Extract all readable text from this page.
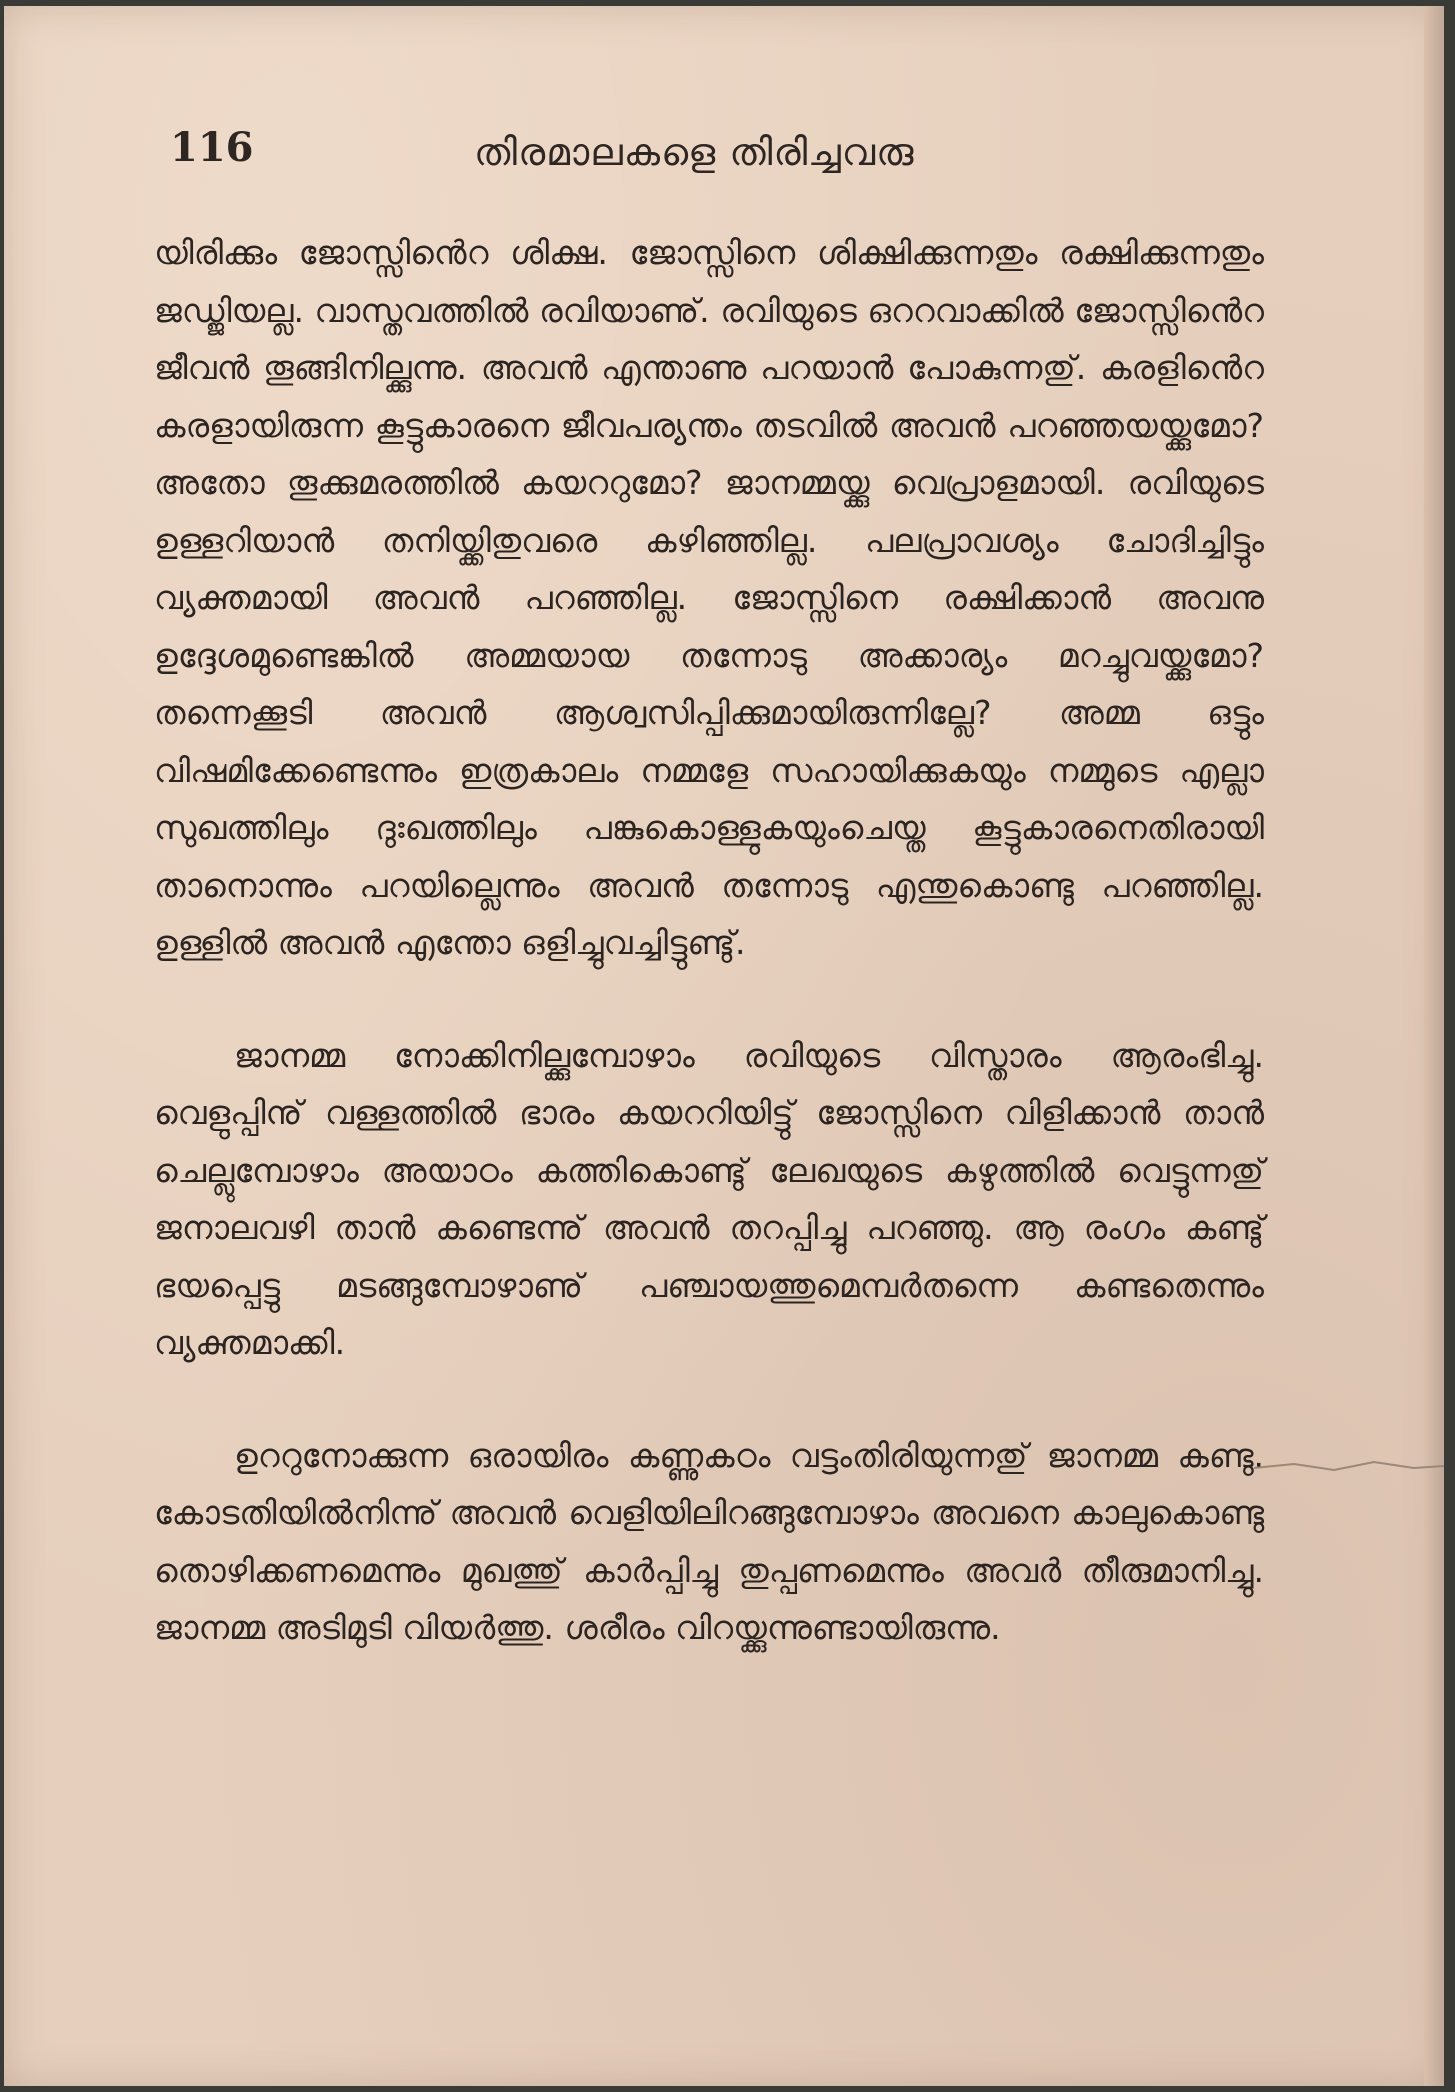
116	തിരമാലകളെ തിരിച്ചവരു

യിരിക്കും ജോസ്സിൻെറ ശിക്ഷ. ജോസ്സിനെ ശിക്ഷിക്കുന്നതും രക്ഷിക്കുന്നതും ജഡ്ജിയല്ല. വാസ്തവത്തിൽ രവിയാണു്. രവിയുടെ ഒററവാക്കിൽ ജോസ്സിൻെറ ജീവൻ തൂങ്ങിനില്ക്കുന്നു. അവൻ എന്താണു പറയാൻ പോകുന്നതു്. കരളിൻെറ കരളായിരുന്ന കൂട്ടുകാരനെ ജീവപര്യന്തം തടവിൽ അവൻ പറഞ്ഞയയ്ക്കുമോ? അതോ തൂക്കുമരത്തിൽ കയററുമോ? ജാനമ്മയ്ക്കു വെപ്രാളമായി. രവിയുടെ ഉള്ളറിയാൻ തനിയ്ക്കിതുവരെ കഴിഞ്ഞില്ല. പലപ്രാവശ്യം ചോദിച്ചിട്ടും വ്യക്തമായി അവൻ പറഞ്ഞില്ല. ജോസ്സിനെ രക്ഷിക്കാൻ അവനു ഉദ്ദേശമുണ്ടെങ്കിൽ അമ്മയായ തന്നോടു അക്കാര്യം മറച്ചുവയ്ക്കുമോ? തന്നെക്കൂടി അവൻ ആശ്വസിപ്പിക്കുമായിരുന്നില്ലേ? അമ്മ ഒട്ടും വിഷമിക്കേണ്ടെന്നും ഇത്രകാലം നമ്മളേ സഹായിക്കുകയും നമ്മുടെ എല്ലാ സുഖത്തിലും ദുഃഖത്തിലും പങ്കുകൊള്ളുകയുംചെയ്ത കൂട്ടുകാരനെതിരായി താനൊന്നും പറയില്ലെന്നും അവൻ തന്നോടു എന്തുകൊണ്ടു പറഞ്ഞില്ല. ഉള്ളിൽ അവൻ എന്തോ ഒളിച്ചുവച്ചിട്ടുണ്ടു്.

ജാനമ്മ നോക്കിനില്ക്കുമ്പോഴാം രവിയുടെ വിസ്താരം ആരംഭിച്ചു. വെളുപ്പിനു് വള്ളത്തിൽ ഭാരം കയററിയിട്ടു് ജോസ്സിനെ വിളിക്കാൻ താൻ ചെല്ലുമ്പോഴാം അയാഠം കത്തികൊണ്ടു് ലേഖയുടെ കഴുത്തിൽ വെട്ടുന്നതു് ജനാലവഴി താൻ കണ്ടെന്നു് അവൻ തറപ്പിച്ചു പറഞ്ഞു. ആ രംഗം കണ്ടു് ഭയപ്പെട്ടു മടങ്ങുമ്പോഴാണു് പഞ്ചായത്തുമെമ്പർതന്നെ കണ്ടതെന്നും വ്യക്തമാക്കി.

ഉററുനോക്കുന്ന ഒരായിരം കണ്ണുകഠം വട്ടംതിരിയുന്നതു് ജാനമ്മ കണ്ടു. കോടതിയിൽനിന്നു് അവൻ വെളിയിലിറങ്ങുമ്പോഴാം അവനെ കാലുകൊണ്ടു തൊഴിക്കണമെന്നും മുഖത്തു് കാർപ്പിച്ചു തുപ്പണമെന്നും അവർ തീരുമാനിച്ചു. ജാനമ്മ അടിമുടി വിയർത്തു. ശരീരം വിറയ്ക്കുന്നുണ്ടായിരുന്നു.
